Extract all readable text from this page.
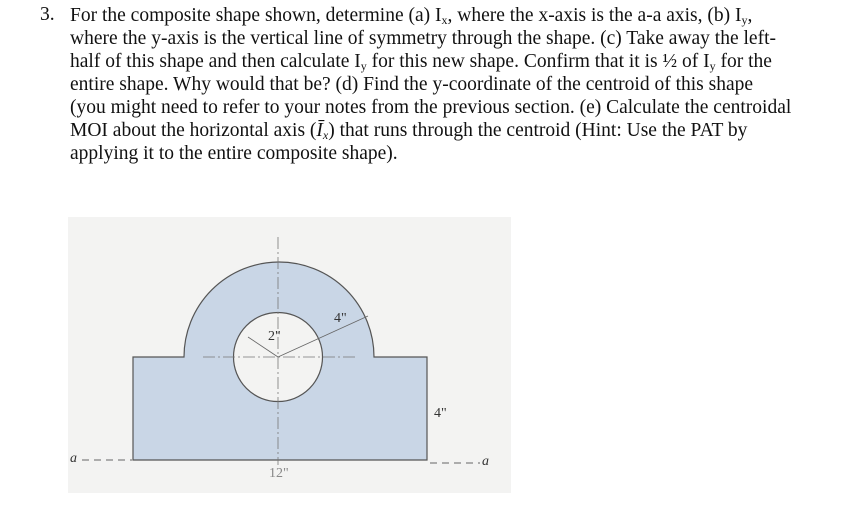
3. For the composite shape shown, determine (a) $I_x$, where the x-axis is the a-a axis, (b) $I_y$,
where the y-axis is the vertical line of symmetry through the shape. (c) Take away the left-
half of this shape and then calculate $I_y$ for this new shape. Confirm that it is ½ of $I_y$ for the
entire shape. Why would that be? (d) Find the y-coordinate of the centroid of this shape
(you might need to refer to your notes from the previous section. (e) Calculate the centroidal
MOI about the horizontal axis $(Ī_x)$ that runs through the centroid (Hint: Use the PAT by
applying it to the entire composite shape).
2"
4"
4"
12"
a	a
